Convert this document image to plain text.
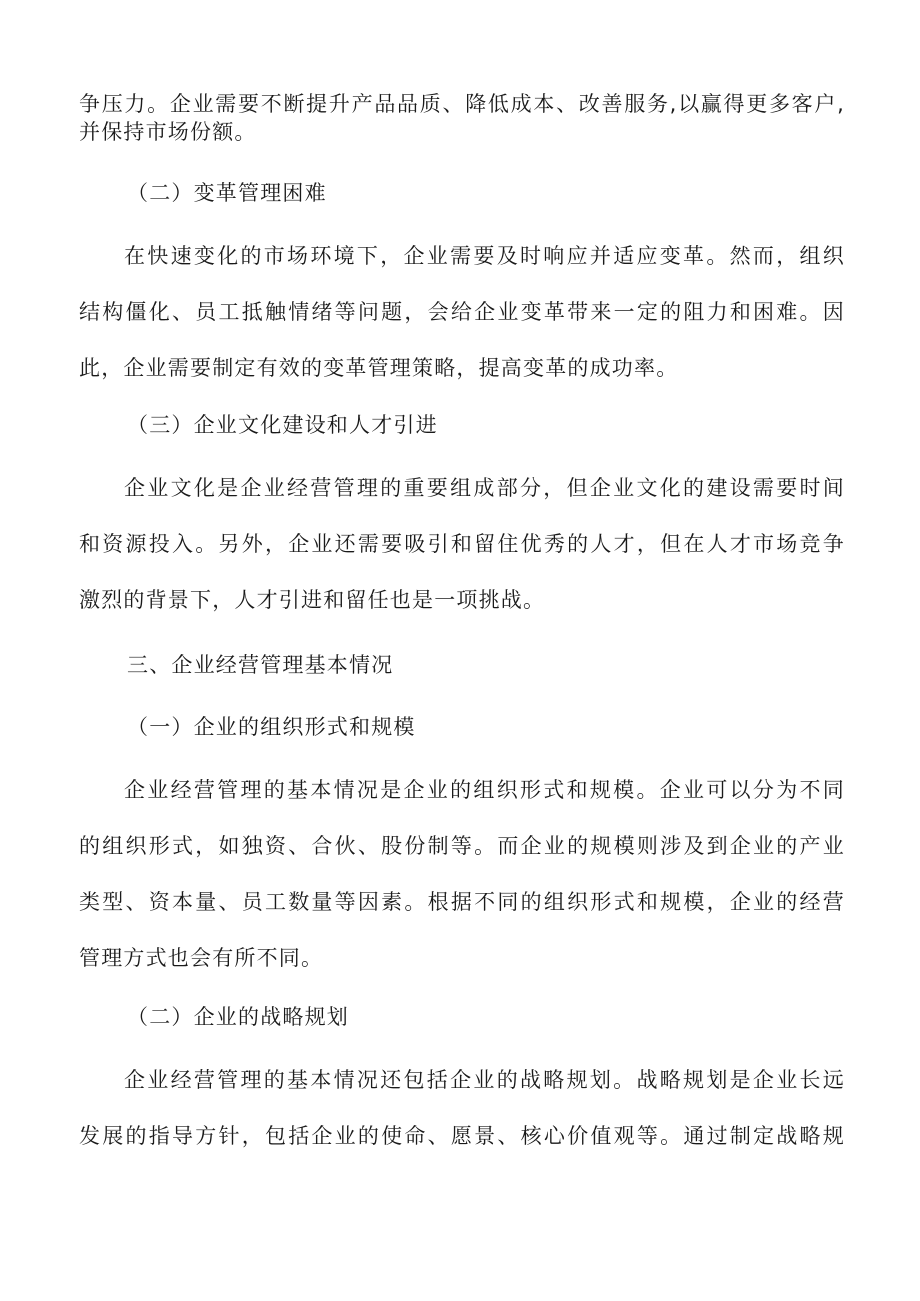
争压力。企业需要不断提升产品品质、降低成本、改善服务,以赢得更多客户,
并保持市场份额。
（二）变革管理困难
在快速变化的市场环境下，企业需要及时响应并适应变革。然而，组织
结构僵化、员工抵触情绪等问题，会给企业变革带来一定的阻力和困难。因
此，企业需要制定有效的变革管理策略，提高变革的成功率。
（三）企业文化建设和人才引进
企业文化是企业经营管理的重要组成部分，但企业文化的建设需要时间
和资源投入。另外，企业还需要吸引和留住优秀的人才，但在人才市场竞争
激烈的背景下，人才引进和留任也是一项挑战。
三、企业经营管理基本情况
（一）企业的组织形式和规模
企业经营管理的基本情况是企业的组织形式和规模。企业可以分为不同
的组织形式，如独资、合伙、股份制等。而企业的规模则涉及到企业的产业
类型、资本量、员工数量等因素。根据不同的组织形式和规模，企业的经营
管理方式也会有所不同。
（二）企业的战略规划
企业经营管理的基本情况还包括企业的战略规划。战略规划是企业长远
发展的指导方针，包括企业的使命、愿景、核心价值观等。通过制定战略规
